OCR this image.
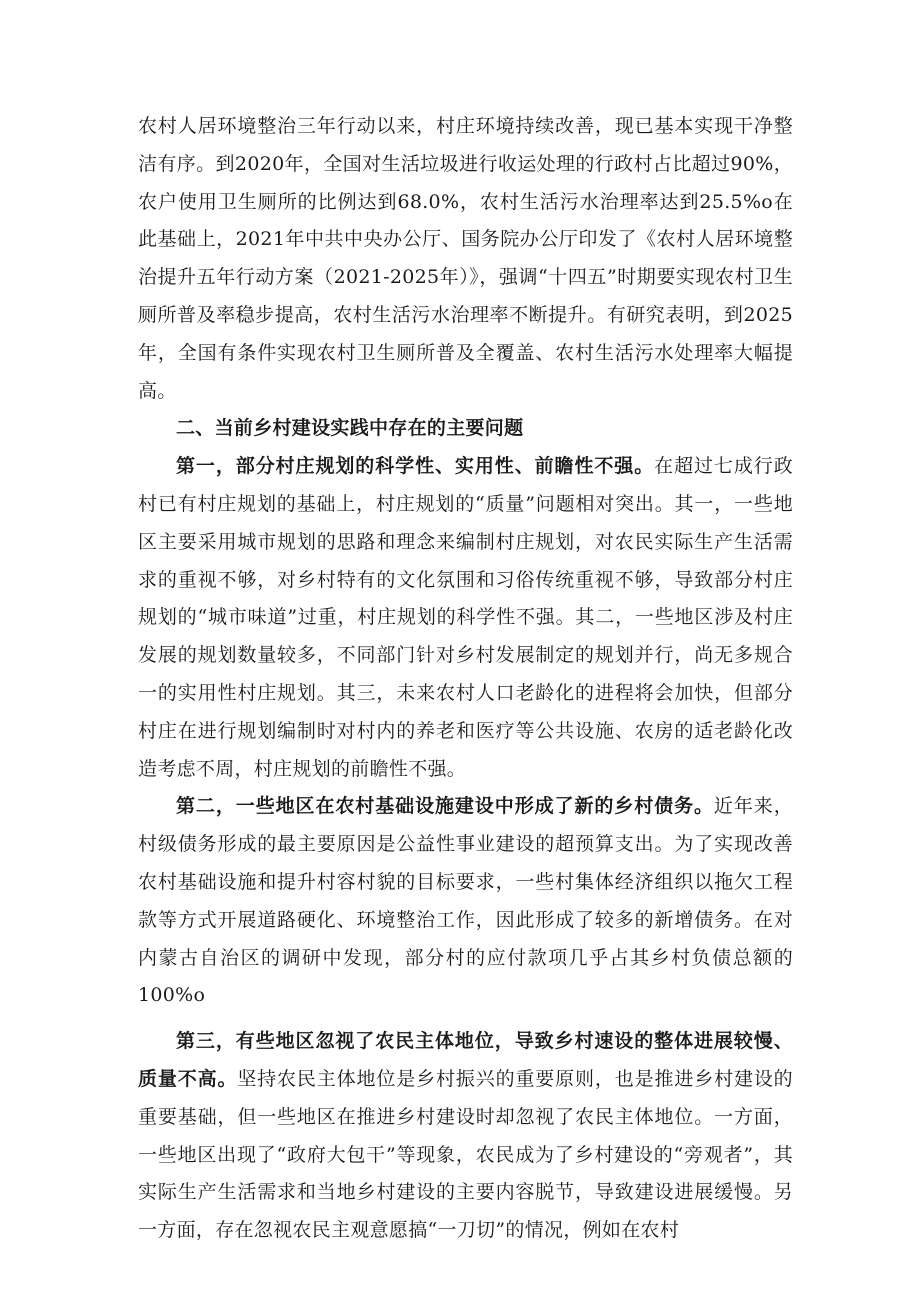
农村人居环境整治三年行动以来，村庄环境持续改善，现已基本实现干净整洁有序。到2020年，全国对生活垃圾进行收运处理的行政村占比超过90%，农户使用卫生厕所的比例达到68.0%，农村生活污水治理率达到25.5%o在此基础上，2021年中共中央办公厅、国务院办公厅印发了《农村人居环境整治提升五年行动方案（2021-2025年）》，强调“十四五”时期要实现农村卫生厕所普及率稳步提高，农村生活污水治理率不断提升。有研究表明，到2025年，全国有条件实现农村卫生厕所普及全覆盖、农村生活污水处理率大幅提高。

二、当前乡村建设实践中存在的主要问题

第一，部分村庄规划的科学性、实用性、前瞻性不强。在超过七成行政村已有村庄规划的基础上，村庄规划的“质量”问题相对突出。其一，一些地区主要采用城市规划的思路和理念来编制村庄规划，对农民实际生产生活需求的重视不够，对乡村特有的文化氛围和习俗传统重视不够，导致部分村庄规划的“城市味道”过重，村庄规划的科学性不强。其二，一些地区涉及村庄发展的规划数量较多，不同部门针对乡村发展制定的规划并行，尚无多规合一的实用性村庄规划。其三，未来农村人口老龄化的进程将会加快，但部分村庄在进行规划编制时对村内的养老和医疗等公共设施、农房的适老龄化改造考虑不周，村庄规划的前瞻性不强。

第二，一些地区在农村基础设施建设中形成了新的乡村债务。近年来，村级债务形成的最主要原因是公益性事业建设的超预算支出。为了实现改善农村基础设施和提升村容村貌的目标要求，一些村集体经济组织以拖欠工程款等方式开展道路硬化、环境整治工作，因此形成了较多的新增债务。在对内蒙古自治区的调研中发现，部分村的应付款项几乎占其乡村负债总额的100%o

第三，有些地区忽视了农民主体地位，导致乡村速设的整体进展较慢、质量不高。坚持农民主体地位是乡村振兴的重要原则，也是推进乡村建设的重要基础，但一些地区在推进乡村建设时却忽视了农民主体地位。一方面，一些地区出现了“政府大包干”等现象，农民成为了乡村建设的“旁观者”，其实际生产生活需求和当地乡村建设的主要内容脱节，导致建设进展缓慢。另一方面，存在忽视农民主观意愿搞“一刀切”的情况，例如在农村
